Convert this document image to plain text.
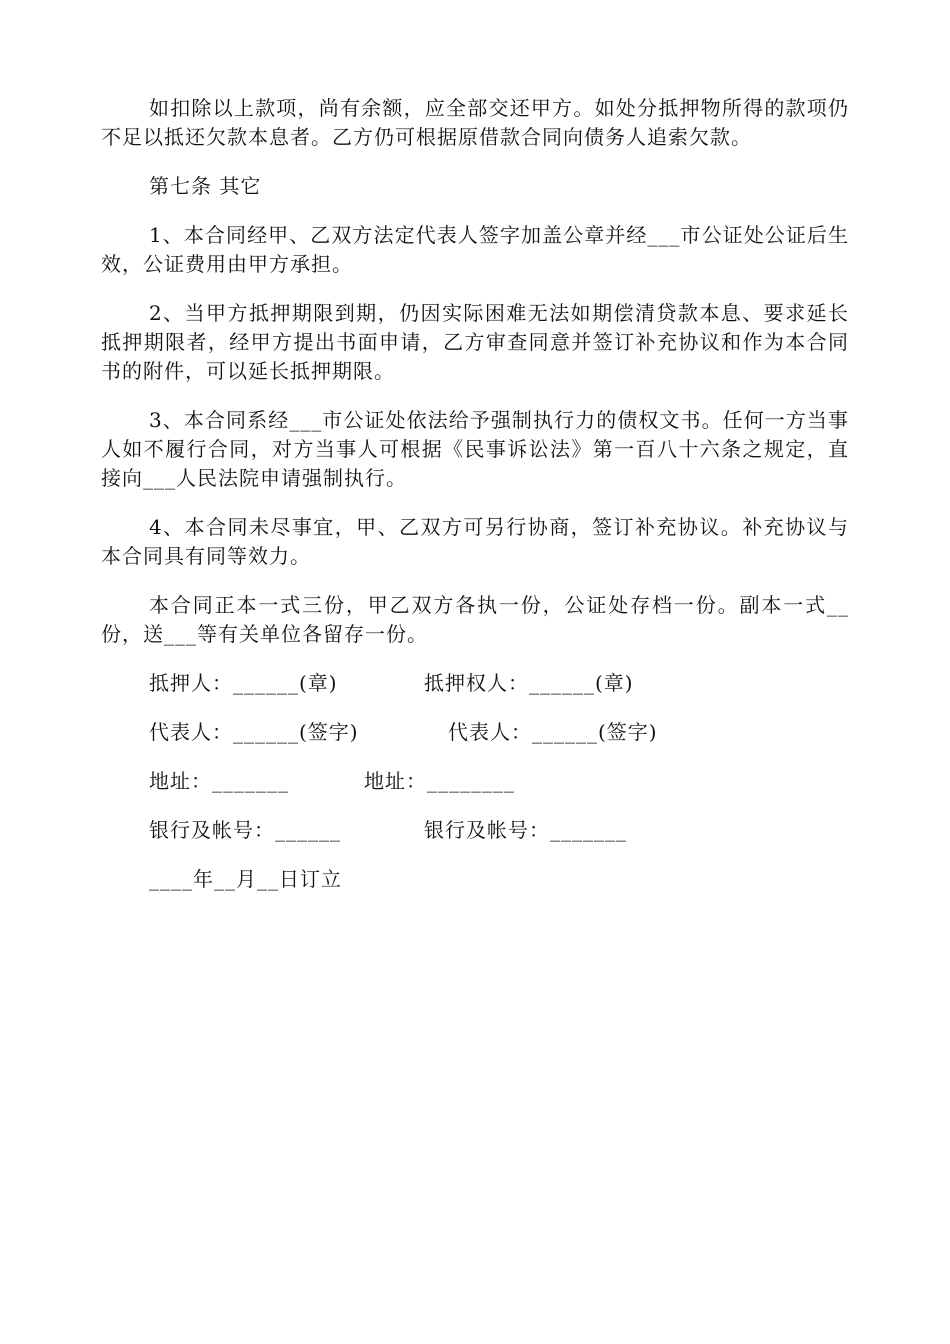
如扣除以上款项，尚有余额，应全部交还甲方。如处分抵押物所得的款项仍不足以抵还欠款本息者。乙方仍可根据原借款合同向债务人追索欠款。

第七条 其它

1、本合同经甲、乙双方法定代表人签字加盖公章并经___市公证处公证后生效，公证费用由甲方承担。

2、当甲方抵押期限到期，仍因实际困难无法如期偿清贷款本息、要求延长抵押期限者，经甲方提出书面申请，乙方审查同意并签订补充协议和作为本合同书的附件，可以延长抵押期限。

3、本合同系经___市公证处依法给予强制执行力的债权文书。任何一方当事人如不履行合同，对方当事人可根据《民事诉讼法》第一百八十六条之规定，直接向___人民法院申请强制执行。

4、本合同未尽事宜，甲、乙双方可另行协商，签订补充协议。补充协议与本合同具有同等效力。

本合同正本一式三份，甲乙双方各执一份，公证处存档一份。副本一式__份，送___等有关单位各留存一份。

抵押人：______(章)	抵押权人：______(章)
代表人：______(签字)	代表人：______(签字)
地址：_______	地址：________
银行及帐号：______	银行及帐号：_______
____年__月__日订立
